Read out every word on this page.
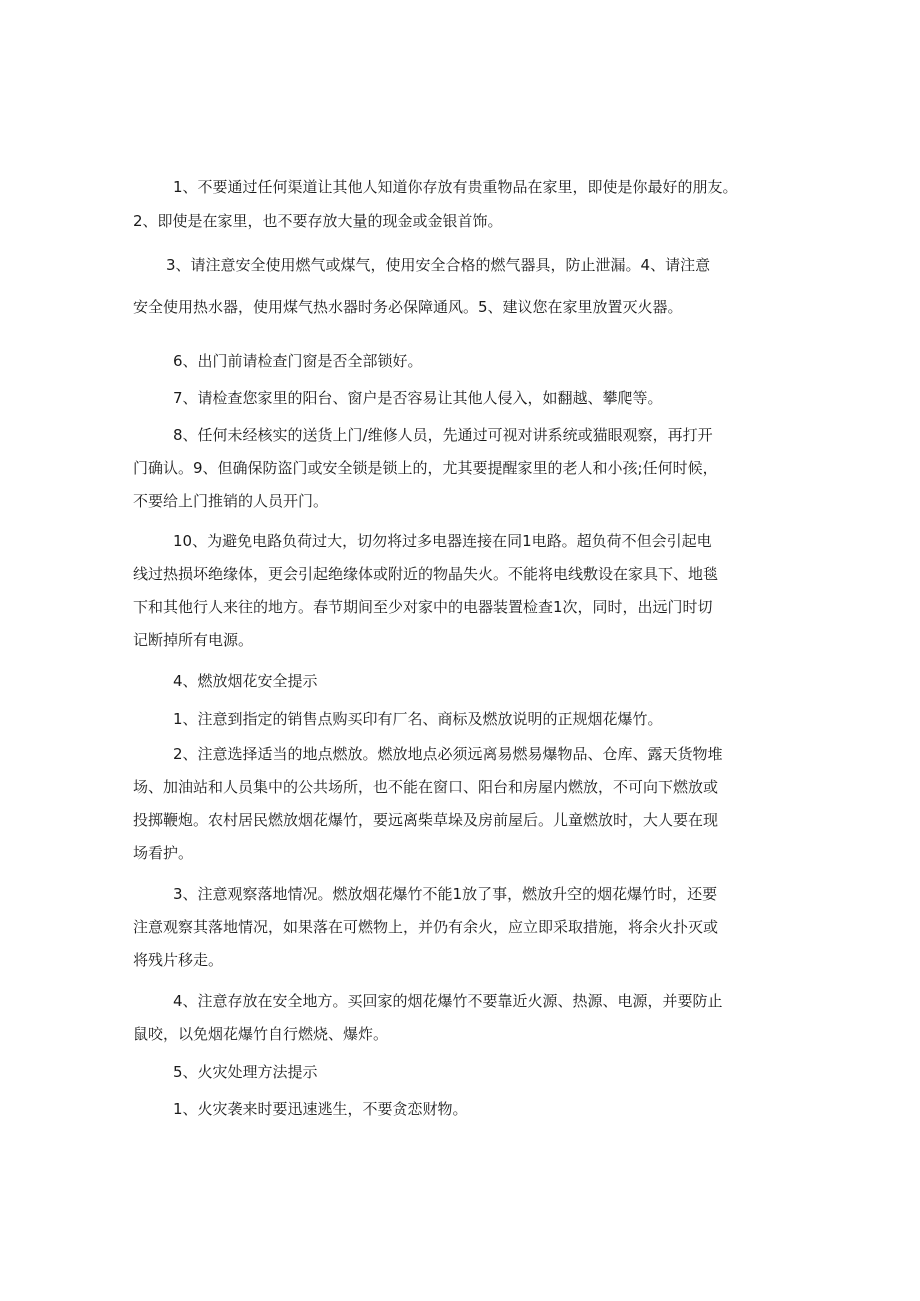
1、不要通过任何渠道让其他人知道你存放有贵重物品在家里，即使是你最好的朋友。

2、即使是在家里，也不要存放大量的现金或金银首饰。

3、请注意安全使用燃气或煤气，使用安全合格的燃气器具，防止泄漏。4、请注意

安全使用热水器，使用煤气热水器时务必保障通风。5、建议您在家里放置灭火器。

6、出门前请检查门窗是否全部锁好。

7、请检查您家里的阳台、窗户是否容易让其他人侵入，如翻越、攀爬等。

8、任何未经核实的送货上门/维修人员，先通过可视对讲系统或猫眼观察，再打开

门确认。9、但确保防盗门或安全锁是锁上的，尤其要提醒家里的老人和小孩;任何时候，

不要给上门推销的人员开门。

10、为避免电路负荷过大，切勿将过多电器连接在同1电路。超负荷不但会引起电

线过热损坏绝缘体，更会引起绝缘体或附近的物晶失火。不能将电线敷设在家具下、地毯

下和其他行人来往的地方。春节期间至少对家中的电器装置检查1次，同时，出远门时切

记断掉所有电源。

4、燃放烟花安全提示

1、注意到指定的销售点购买印有厂名、商标及燃放说明的正规烟花爆竹。

2、注意选择适当的地点燃放。燃放地点必须远离易燃易爆物品、仓库、露天货物堆

场、加油站和人员集中的公共场所，也不能在窗口、阳台和房屋内燃放，不可向下燃放或

投掷鞭炮。农村居民燃放烟花爆竹，要远离柴草垛及房前屋后。儿童燃放时，大人要在现

场看护。

3、注意观察落地情况。燃放烟花爆竹不能1放了事，燃放升空的烟花爆竹时，还要

注意观察其落地情况，如果落在可燃物上，并仍有余火，应立即采取措施，将余火扑灭或

将残片移走。

4、注意存放在安全地方。买回家的烟花爆竹不要靠近火源、热源、电源，并要防止

鼠咬，以免烟花爆竹自行燃烧、爆炸。

5、火灾处理方法提示

1、火灾袭来时要迅速逃生，不要贪恋财物。
